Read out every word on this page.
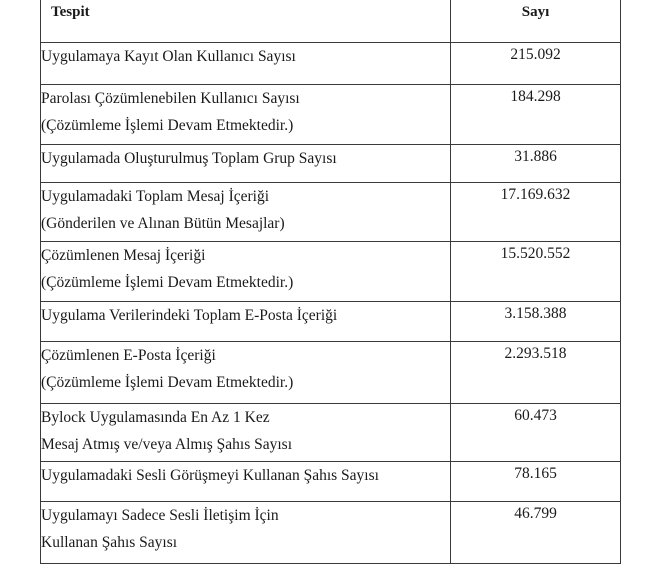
Tespit	Sayı

Uygulamaya Kayıt Olan Kullanıcı Sayısı	215.092

Parolası Çözümlenebilen Kullanıcı Sayısı
(Çözümleme İşlemi Devam Etmektedir.)	184.298

Uygulamada Oluşturulmuş Toplam Grup Sayısı	31.886

Uygulamadaki Toplam Mesaj İçeriği
(Gönderilen ve Alınan Bütün Mesajlar)	17.169.632

Çözümlenen Mesaj İçeriği
(Çözümleme İşlemi Devam Etmektedir.)	15.520.552

Uygulama Verilerindeki Toplam E-Posta İçeriği	3.158.388

Çözümlenen E-Posta İçeriği
(Çözümleme İşlemi Devam Etmektedir.)	2.293.518

Bylock Uygulamasında En Az 1 Kez
Mesaj Atmış ve/veya Almış Şahıs Sayısı	60.473

Uygulamadaki Sesli Görüşmeyi Kullanan Şahıs Sayısı	78.165

Uygulamayı Sadece Sesli İletişim İçin
Kullanan Şahıs Sayısı	46.799
